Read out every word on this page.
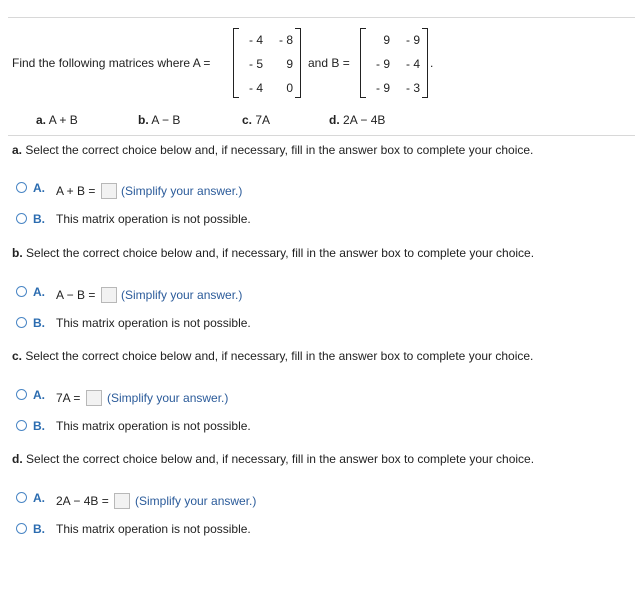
Find the following matrices where A =
- 4	- 8
- 5	9
- 4	0
and B =
9	- 9
- 9	- 4
- 9	- 3
.
a. A + B	b. A − B	c. 7A	d. 2A − 4B
a. Select the correct choice below and, if necessary, fill in the answer box to complete your choice.
A. A + B = (Simplify your answer.)
B. This matrix operation is not possible.
b. Select the correct choice below and, if necessary, fill in the answer box to complete your choice.
A. A − B = (Simplify your answer.)
B. This matrix operation is not possible.
c. Select the correct choice below and, if necessary, fill in the answer box to complete your choice.
A. 7A = (Simplify your answer.)
B. This matrix operation is not possible.
d. Select the correct choice below and, if necessary, fill in the answer box to complete your choice.
A. 2A − 4B = (Simplify your answer.)
B. This matrix operation is not possible.
